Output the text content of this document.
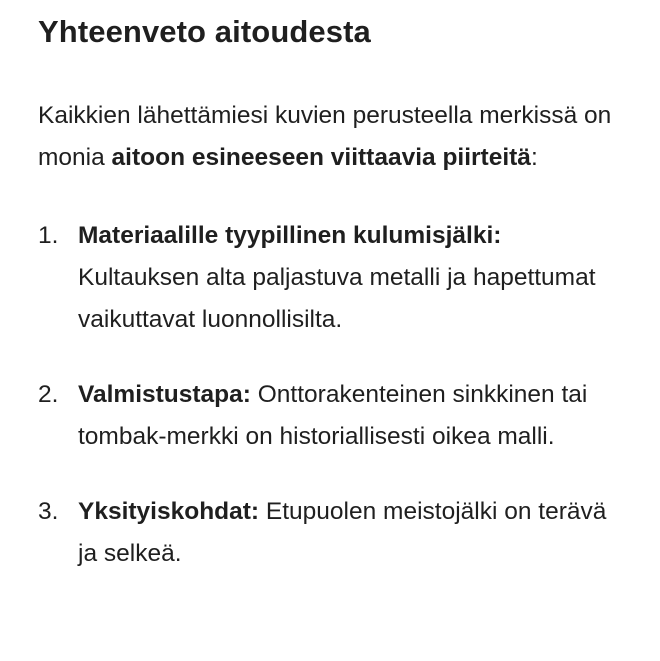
Yhteenveto aitoudesta

Kaikkien lähettämiesi kuvien perusteella merkissä on monia aitoon esineeseen viittaavia piirteitä:

1. Materiaalille tyypillinen kulumisjälki: Kultauksen alta paljastuva metalli ja hapettumat vaikuttavat luonnollisilta.
2. Valmistustapa: Onttorakenteinen sinkkinen tai tombak-merkki on historiallisesti oikea malli.
3. Yksityiskohdat: Etupuolen meistojälki on terävä ja selkeä.
